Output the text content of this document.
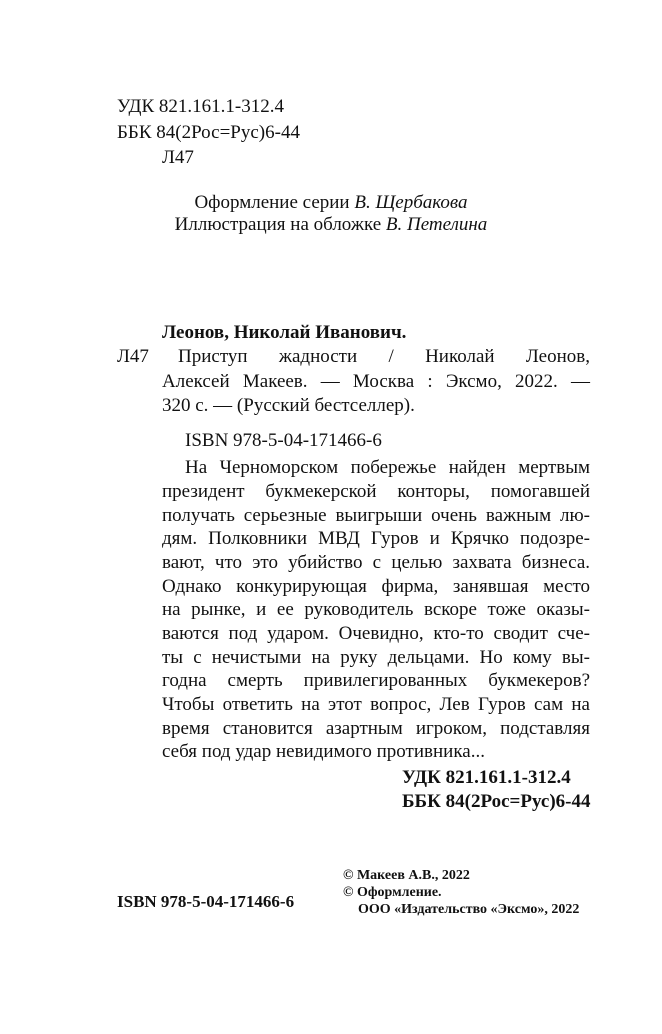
УДК 821.161.1-312.4
ББК 84(2Рос=Рус)6-44
Л47
Оформление серии В. Щербакова
Иллюстрация на обложке В. Петелина
Леонов, Николай Иванович.
Л47 Приступ жадности / Николай Леонов,
Алексей Макеев. — Москва : Эксмо, 2022. —
320 с. — (Русский бестселлер).
ISBN 978-5-04-171466-6
На Черноморском побережье найден мертвым
президент букмекерской конторы, помогавшей
получать серьезные выигрыши очень важным лю-
дям. Полковники МВД Гуров и Крячко подозре-
вают, что это убийство с целью захвата бизнеса.
Однако конкурирующая фирма, занявшая место
на рынке, и ее руководитель вскоре тоже оказы-
ваются под ударом. Очевидно, кто-то сводит сче-
ты с нечистыми на руку дельцами. Но кому вы-
годна смерть привилегированных букмекеров?
Чтобы ответить на этот вопрос, Лев Гуров сам на
время становится азартным игроком, подставляя
себя под удар невидимого противника...
УДК 821.161.1-312.4
ББК 84(2Рос=Рус)6-44
© Макеев А.В., 2022
© Оформление.
ООО «Издательство «Эксмо», 2022
ISBN 978-5-04-171466-6
